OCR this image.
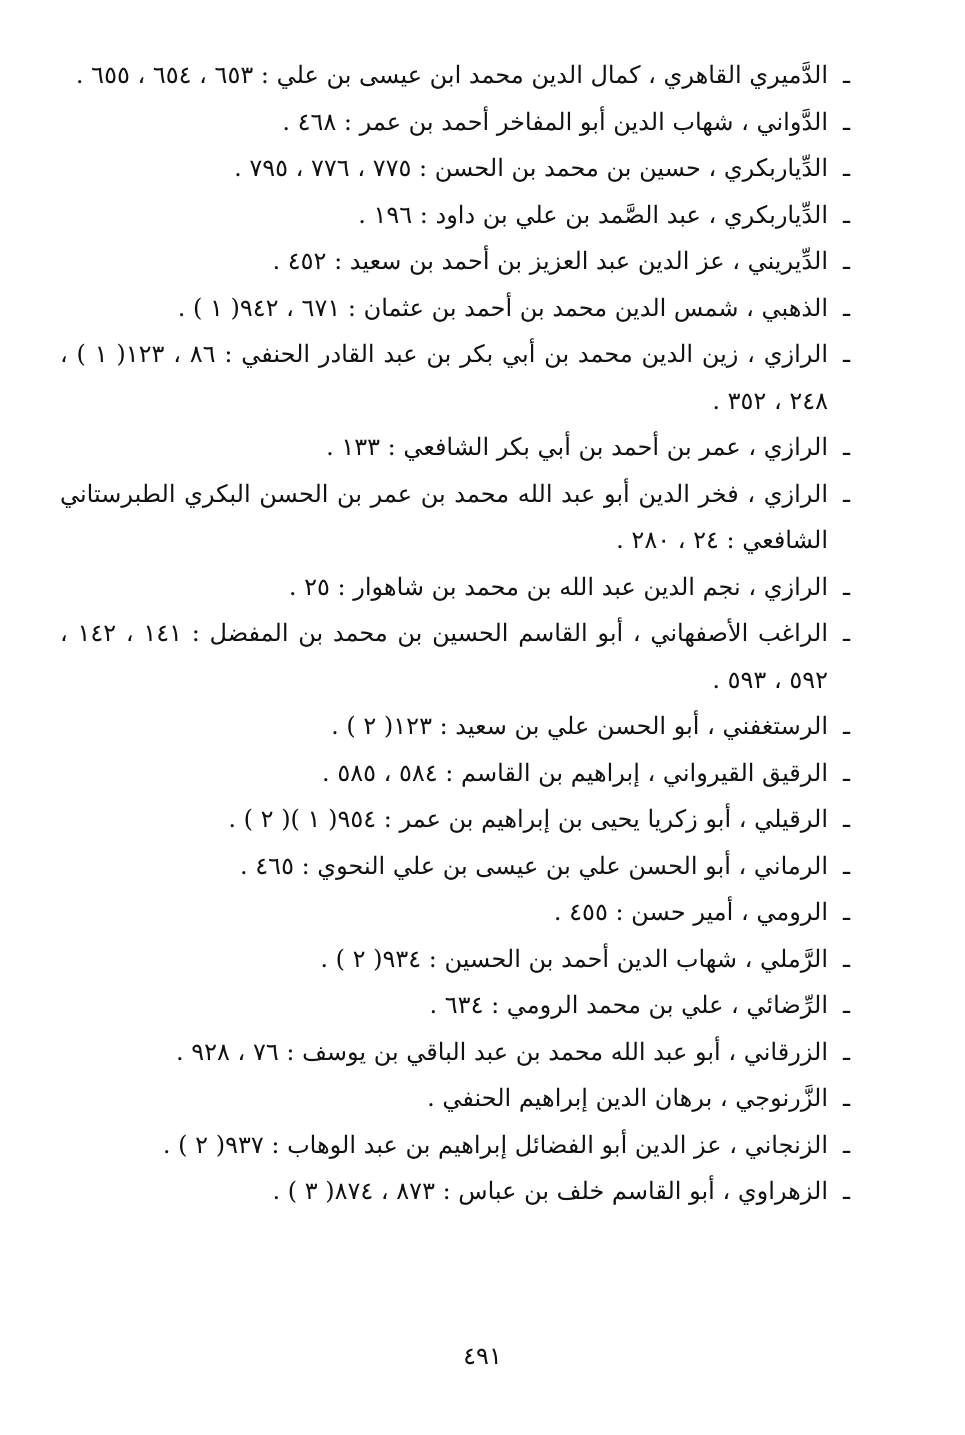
ـالدَّميري القاهري ، كمال الدين محمد ابن عيسى بن علي : ٦٥٣ ، ٦٥٤ ، ٦٥٥ .
ـالدَّواني ، شهاب الدين أبو المفاخر أحمد بن عمر : ٤٦٨ .
ـالدِّياربكري ، حسين بن محمد بن الحسن : ٧٧٥ ، ٧٧٦ ، ٧٩٥ .
ـالدِّياربكري ، عبد الصَّمد بن علي بن داود : ١٩٦ .
ـالدِّيريني ، عز الدين عبد العزيز بن أحمد بن سعيد : ٤٥٢ .
ـالذهبي ، شمس الدين محمد بن أحمد بن عثمان : ٦٧١ ، ٩٤٢( ١ ) .
ـالرازي ، زين الدين محمد بن أبي بكر بن عبد القادر الحنفي : ٨٦ ، ١٢٣( ١ ) ، ٢٤٨ ، ٣٥٢ .
ـالرازي ، عمر بن أحمد بن أبي بكر الشافعي : ١٣٣ .
ـالرازي ، فخر الدين أبو عبد الله محمد بن عمر بن الحسن البكري الطبرستاني الشافعي : ٢٤ ، ٢٨٠ .
ـالرازي ، نجم الدين عبد الله بن محمد بن شاهوار : ٢٥ .
ـالراغب الأصفهاني ، أبو القاسم الحسين بن محمد بن المفضل : ١٤١ ، ١٤٢ ، ٥٩٢ ، ٥٩٣ .
ـالرستغفني ، أبو الحسن علي بن سعيد : ١٢٣( ٢ ) .
ـالرقيق القيرواني ، إبراهيم بن القاسم : ٥٨٤ ، ٥٨٥ .
ـالرقيلي ، أبو زكريا يحيى بن إبراهيم بن عمر : ٩٥٤( ١ )( ٢ ) .
ـالرماني ، أبو الحسن علي بن عيسى بن علي النحوي : ٤٦٥ .
ـالرومي ، أمير حسن : ٤٥٥ .
ـالرَّملي ، شهاب الدين أحمد بن الحسين : ٩٣٤( ٢ ) .
ـالرِّضائي ، علي بن محمد الرومي : ٦٣٤ .
ـالزرقاني ، أبو عبد الله محمد بن عبد الباقي بن يوسف : ٧٦ ، ٩٢٨ .
ـالزَّرنوجي ، برهان الدين إبراهيم الحنفي .
ـالزنجاني ، عز الدين أبو الفضائل إبراهيم بن عبد الوهاب : ٩٣٧( ٢ ) .
ـالزهراوي ، أبو القاسم خلف بن عباس : ٨٧٣ ، ٨٧٤( ٣ ) .
٤٩١
